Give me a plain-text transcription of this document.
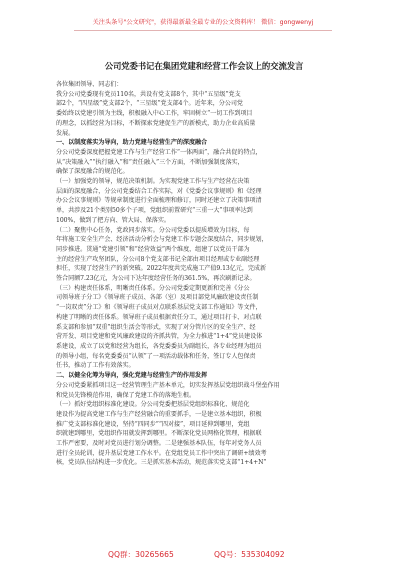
关注头条号"公文研究"，获得最新最全最专业的公文资料库！ 微信：gongwenyj
公司党委书记在集团党建和经营工作会议上的交流发言
各位集团领导、同志们：
我分公司党委现有党员110名，共设有党支部8个，其中“五星级”党支
部2个，“四星级”党支部2个，“三星级”党支部4个。近年来，分公司党
委始终以党建引领为主线，积极融入中心工作，牢固树立“一切工作到项目
的理念，以抓经营为目标，不断探索党建促生产的新模式，助力企业高质量
发展。
一、以制度落实为导向，助力党建与经营生产的深度融合
分公司党委深度把握党建工作与生产经营工作“一体两面”，融合共促的特点，
从“决策融入”“执行融入”和“责任融入”三个方面，不断加强制度落实，
确保了深度融合的规范化。
（一）加强党的领导，规范决策机制。为实现党建工作与生产经营在决策
层面的深度融合，分公司党委结合工作实际，对《党委会议事规则》和《经理
办公会议事规则》等规章制度进行全面梳理和修订，同时还建立了决策事项清
单，共涉及21个类别50多个子项，党组织前置研究“三重一大”事项率达到
100%，做到了把方向、管大局、保落实。
（二）聚焦中心任务，党政同步落实。分公司党委以提质增效为目标，每
年将施工安全生产会、经济活动分析会与党建工作专题会深度结合，同步规划，
同步推进。贯通“党建引领”和“经营效益”两个维度，组建了以党员干部为
主的经营生产攻坚团队，分公司8个党支部书记全部由项目经理或专业副经理
担任，实现了经营生产的新突破。2022年度共完成施工产值9.13亿元，完成新
签合同额7.23亿元，为公司下达年度经营任务的361.5%，再次刷新记录。
（三）构建责任体系，明晰责任体系。分公司党委定期更新和完善《分公
司领导班子分工》《领导班子成员、各部（室）及项目部党风廉政建设责任制
“一岗双责”分工》和《领导班子成员对点联系基层党支部工作通知》等文件，
构建了明晰的责任体系。领导班子成员根据责任分工，通过项目打卡、对点联
系支部和参加“双重”组织生活会等形式，实现了对分管片区的安全生产、经
营开发、项目党建和党风廉政建设的齐抓共管，为全力推进“1+4”党员建设体
系建设，成立了以党和经营为组长，各党委委员为副组长，各专业经理为组员
的领导小组，每名党委委员“认领”了一项活动载体和任务，签订专人包保责
任书，推动了工作有效落实。
二、以健全化筹为导向，强化党建与经营生产的作用发挥
分公司党委紧抓项目这一经营管理生产基本单元，切实发挥基层党组织战斗堡垒作用
和党员先锋模范作用，确保了党建工作的落地生根。
（一）抓好党组织标准化建设。分公司党委把基层党组织标准化、规范化
建设作为提高党建工作与生产经营融合的重要抓手，一是建立基本组织，积极
推广党支部标准化建设，坚持“四同步”“四对接”，项目延伸到哪里，党组
织就建到哪里，党组织作用就发挥到哪里。不断深化党员网格化管理，根据联
工作严密要，及时对党员进行划分调整。二是建强基本队伍，每年对党务人员
进行全员轮训，提升基层党建工作水平。在党组党员工作中突出了调研+绩效考
核，党员队伍结构进一步优化。三是抓实基本活动，规范落实党支部“1+4+N”
QQ群：30265665	QQ号：535304092
